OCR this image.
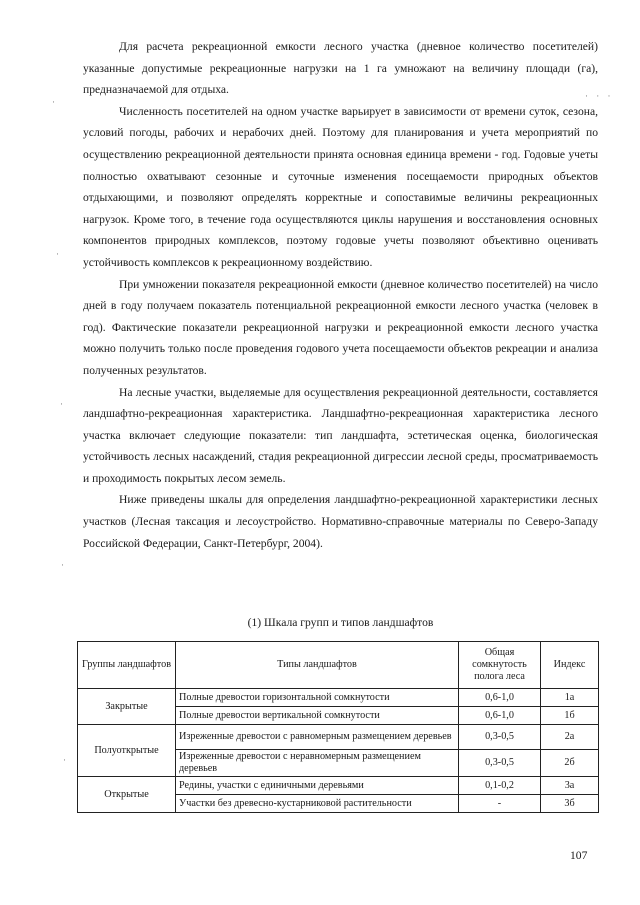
Для расчета рекреационной емкости лесного участка (дневное количество посетителей) указанные допустимые рекреационные нагрузки на 1 га умножают на величину площади (га), предназначаемой для отдыха.

Численность посетителей на одном участке варьирует в зависимости от времени суток, сезона, условий погоды, рабочих и нерабочих дней. Поэтому для планирования и учета мероприятий по осуществлению рекреационной деятельности принята основная единица времени - год. Годовые учеты полностью охватывают сезонные и суточные изменения посещаемости природных объектов отдыхающими, и позволяют определять корректные и сопоставимые величины рекреационных нагрузок. Кроме того, в течение года осуществляются циклы нарушения и восстановления основных компонентов природных комплексов, поэтому годовые учеты позволяют объективно оценивать устойчивость комплексов к рекреационному воздействию.

При умножении показателя рекреационной емкости (дневное количество посетителей) на число дней в году получаем показатель потенциальной рекреационной емкости лесного участка (человек в год). Фактические показатели рекреационной нагрузки и рекреационной емкости лесного участка можно получить только после проведения годового учета посещаемости объектов рекреации и анализа полученных результатов.

На лесные участки, выделяемые для осуществления рекреационной деятельности, составляется ландшафтно-рекреационная характеристика. Ландшафтно-рекреационная характеристика лесного участка включает следующие показатели: тип ландшафта, эстетическая оценка, биологическая устойчивость лесных насаждений, стадия рекреационной дигрессии лесной среды, просматриваемость и проходимость покрытых лесом земель.

Ниже приведены шкалы для определения ландшафтно-рекреационной характеристики лесных участков (Лесная таксация и лесоустройство. Нормативно-справочные материалы по Северо-Западу Российской Федерации, Санкт-Петербург, 2004).

(1) Шкала групп и типов ландшафтов
Группы ландшафтов	Типы ландшафтов	Общая сомкнутость полога леса	Индекс
Закрытые	Полные древостои горизонтальной сомкнутости	0,6-1,0	1а
	Полные древостои вертикальной сомкнутости	0,6-1,0	1б
Полуоткрытые	Изреженные древостои с равномерным размещением деревьев	0,3-0,5	2а
	Изреженные древостои с неравномерным размещением деревьев	0,3-0,5	2б
Открытые	Редины, участки с единичными деревьями	0,1-0,2	3а
	Участки без древесно-кустарниковой растительности	-	3б
107
·
·
·
·
·
· · ·
